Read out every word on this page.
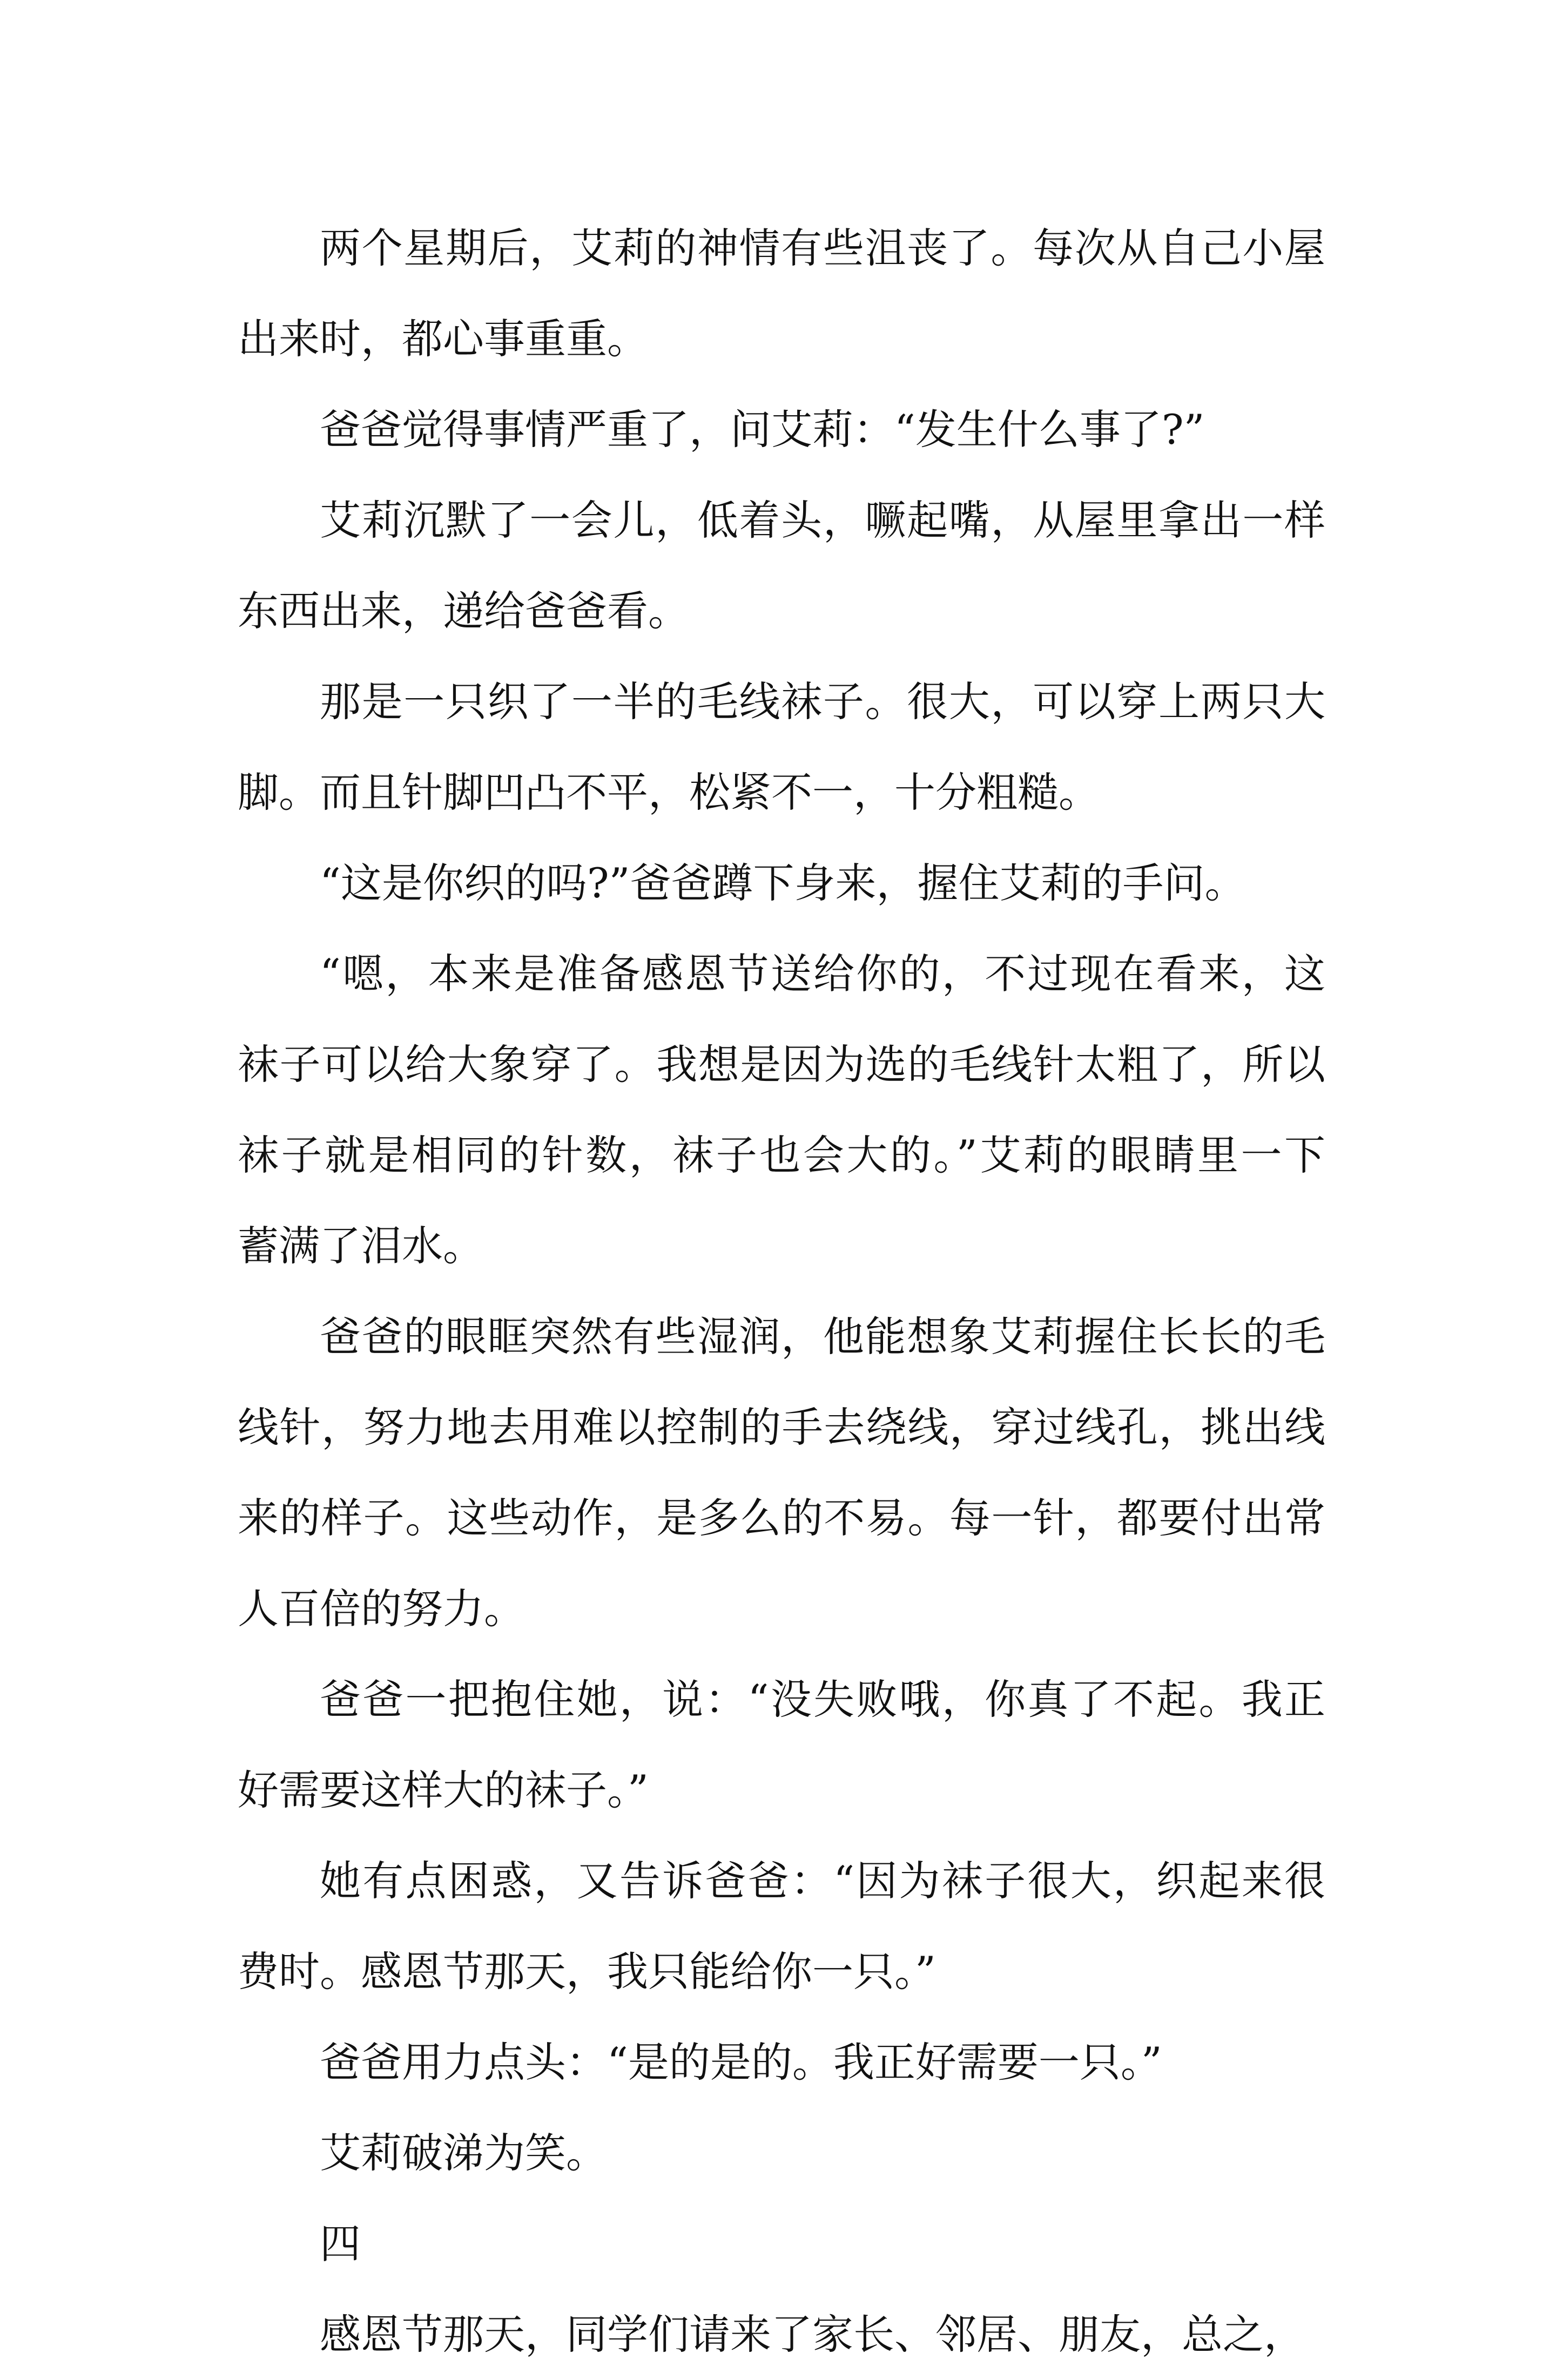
两个星期后，艾莉的神情有些沮丧了。每次从自己小屋
出来时，都心事重重。
爸爸觉得事情严重了，问艾莉：“发生什么事了?”
艾莉沉默了一会儿，低着头，噘起嘴，从屋里拿出一样
东西出来，递给爸爸看。
那是一只织了一半的毛线袜子。很大，可以穿上两只大
脚。而且针脚凹凸不平，松紧不一，十分粗糙。
“这是你织的吗?”爸爸蹲下身来，握住艾莉的手问。
“嗯，本来是准备感恩节送给你的，不过现在看来，这
袜子可以给大象穿了。我想是因为选的毛线针太粗了，所以
袜子就是相同的针数，袜子也会大的。”艾莉的眼睛里一下
蓄满了泪水。
爸爸的眼眶突然有些湿润，他能想象艾莉握住长长的毛
线针，努力地去用难以控制的手去绕线，穿过线孔，挑出线
来的样子。这些动作，是多么的不易。每一针，都要付出常
人百倍的努力。
爸爸一把抱住她，说：“没失败哦，你真了不起。我正
好需要这样大的袜子。”
她有点困惑，又告诉爸爸：“因为袜子很大，织起来很
费时。感恩节那天，我只能给你一只。”
爸爸用力点头：“是的是的。我正好需要一只。”
艾莉破涕为笑。
四
感恩节那天，同学们请来了家长、邻居、朋友，总之，
